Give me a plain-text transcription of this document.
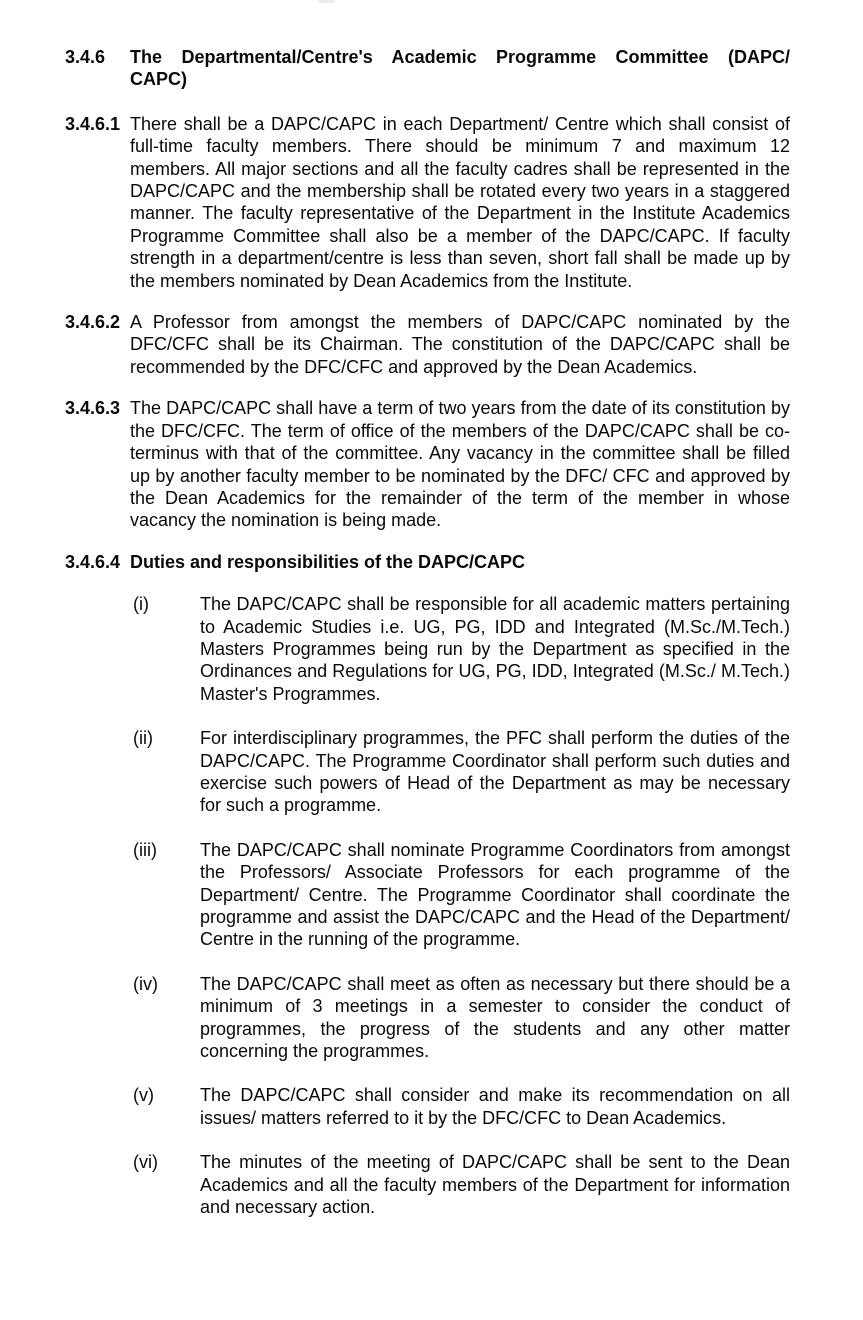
3.4.6	The Departmental/Centre's Academic Programme Committee (DAPC/
CAPC)
3.4.6.1 There shall be a DAPC/CAPC in each Department/ Centre which shall consist of full-time faculty members. There should be minimum 7 and maximum 12 members. All major sections and all the faculty cadres shall be represented in the DAPC/CAPC and the membership shall be rotated every two years in a staggered manner. The faculty representative of the Department in the Institute Academics Programme Committee shall also be a member of the DAPC/CAPC. If faculty strength in a department/centre is less than seven, short fall shall be made up by the members nominated by Dean Academics from the Institute.
3.4.6.2 A Professor from amongst the members of DAPC/CAPC nominated by the DFC/CFC shall be its Chairman. The constitution of the DAPC/CAPC shall be recommended by the DFC/CFC and approved by the Dean Academics.
3.4.6.3 The DAPC/CAPC shall have a term of two years from the date of its constitution by the DFC/CFC. The term of office of the members of the DAPC/CAPC shall be co-terminus with that of the committee. Any vacancy in the committee shall be filled up by another faculty member to be nominated by the DFC/ CFC and approved by the Dean Academics for the remainder of the term of the member in whose vacancy the nomination is being made.
3.4.6.4 Duties and responsibilities of the DAPC/CAPC
(i)	The DAPC/CAPC shall be responsible for all academic matters pertaining to Academic Studies i.e. UG, PG, IDD and Integrated (M.Sc./M.Tech.) Masters Programmes being run by the Department as specified in the Ordinances and Regulations for UG, PG, IDD, Integrated (M.Sc./ M.Tech.) Master's Programmes.
(ii)	For interdisciplinary programmes, the PFC shall perform the duties of the DAPC/CAPC. The Programme Coordinator shall perform such duties and exercise such powers of Head of the Department as may be necessary for such a programme.
(iii)	The DAPC/CAPC shall nominate Programme Coordinators from amongst the Professors/ Associate Professors for each programme of the Department/ Centre. The Programme Coordinator shall coordinate the programme and assist the DAPC/CAPC and the Head of the Department/ Centre in the running of the programme.
(iv)	The DAPC/CAPC shall meet as often as necessary but there should be a minimum of 3 meetings in a semester to consider the conduct of programmes, the progress of the students and any other matter concerning the programmes.
(v)	The DAPC/CAPC shall consider and make its recommendation on all issues/ matters referred to it by the DFC/CFC to Dean Academics.
(vi)	The minutes of the meeting of DAPC/CAPC shall be sent to the Dean Academics and all the faculty members of the Department for information and necessary action.
